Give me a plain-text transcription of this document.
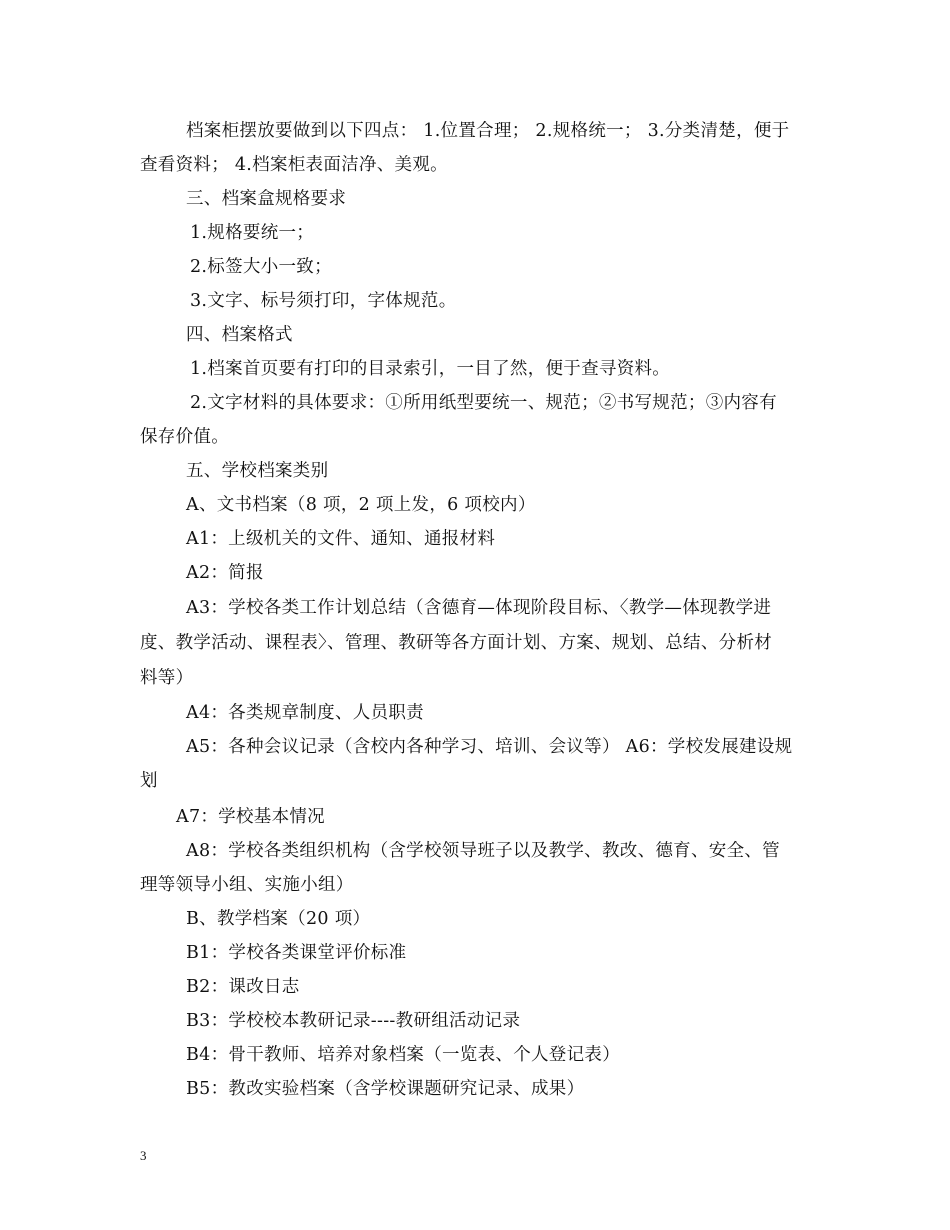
档案柜摆放要做到以下四点： 1.位置合理； 2.规格统一； 3.分类清楚，便于
查看资料； 4.档案柜表面洁净、美观。
三、档案盒规格要求
1.规格要统一；
2.标签大小一致；
3.文字、标号须打印，字体规范。
四、档案格式
1.档案首页要有打印的目录索引，一目了然，便于查寻资料。
2.文字材料的具体要求：①所用纸型要统一、规范；②书写规范；③内容有
保存价值。
五、学校档案类别
A、文书档案（8 项，2 项上发，6 项校内）
A1：上级机关的文件、通知、通报材料
A2：简报
A3：学校各类工作计划总结（含德育—体现阶段目标、〈教学—体现教学进
度、教学活动、课程表〉、管理、教研等各方面计划、方案、规划、总结、分析材
料等）
A4：各类规章制度、人员职责
A5：各种会议记录（含校内各种学习、培训、会议等） A6：学校发展建设规
划
A7：学校基本情况
A8：学校各类组织机构（含学校领导班子以及教学、教改、德育、安全、管
理等领导小组、实施小组）
B、教学档案（20 项）
B1：学校各类课堂评价标准
B2：课改日志
B3：学校校本教研记录----教研组活动记录
B4：骨干教师、培养对象档案（一览表、个人登记表）
B5：教改实验档案（含学校课题研究记录、成果）
3
